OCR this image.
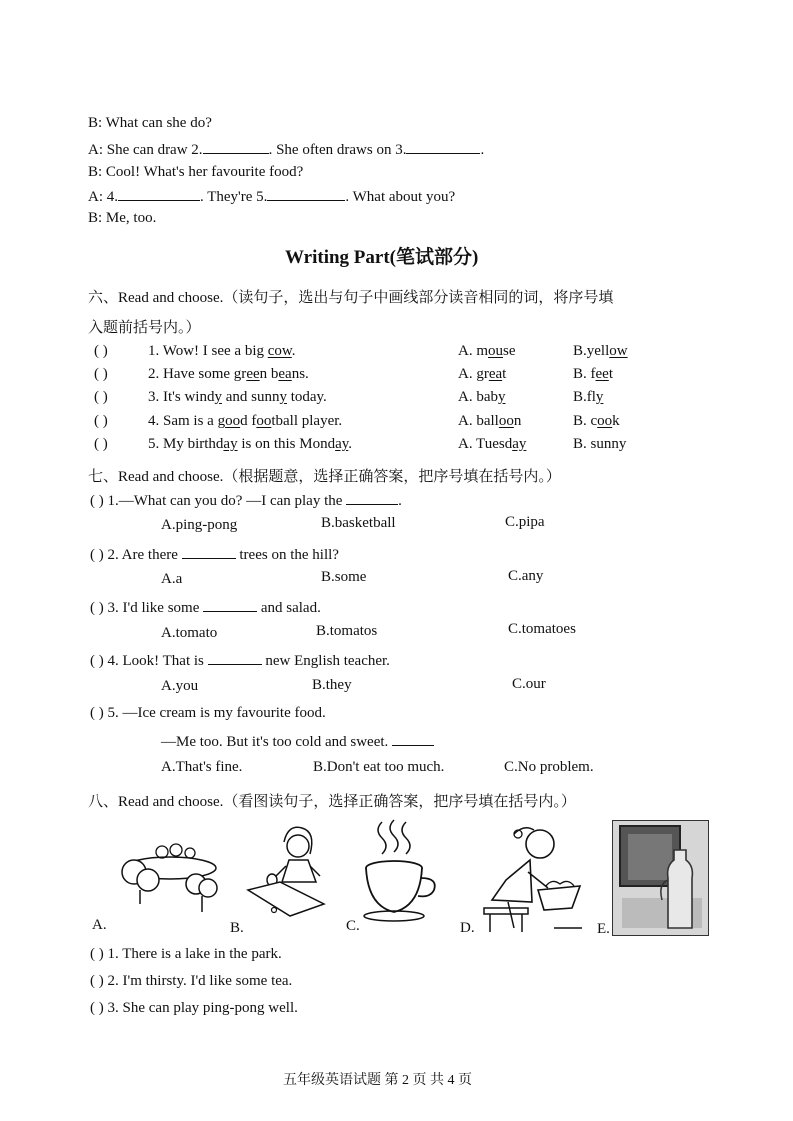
B: What can she do?
A: She can draw 2.	. She often draws on 3.	.
B: Cool! What's her favourite food?
A: 4.	. They're 5.	. What about you?
B: Me, too.
Writing Part(笔试部分)
六、Read and choose.（读句子，选出与句子中画线部分读音相同的词，将序号填
入题前括号内。）
( )	1. Wow! I see a big cow.	A. mouse	B.yellow
( )	2. Have some green beans.	A. great	B. feet
( )	3. It's windy and sunny today.	A. baby	B.fly
( )	4. Sam is a good football player.	A. balloon	B. cook
( )	5. My birthday is on this Monday.	A. Tuesday	B. sunny
七、Read and choose.（根据题意，选择正确答案，把序号填在括号内。）
( ) 1.—What can you do? —I can play the	.
A.ping-pong	B.basketball	C.pipa
( ) 2. Are there	trees on the hill?
A.a	B.some	C.any
( ) 3. I'd like some	and salad.
A.tomato	B.tomatos	C.tomatoes
( ) 4. Look! That is	new English teacher.
A.you	B.they	C.our
( ) 5. —Ice cream is my favourite food.
—Me too. But it's too cold and sweet.
A.That's fine.	B.Don't eat too much.	C.No problem.
八、Read and choose.（看图读句子，选择正确答案，把序号填在括号内。）
A.	B.	C.	D.	E.
( ) 1. There is a lake in the park.
( ) 2. I'm thirsty. I'd like some tea.
( ) 3. She can play ping-pong well.
五年级英语试题 第 2 页 共 4 页
